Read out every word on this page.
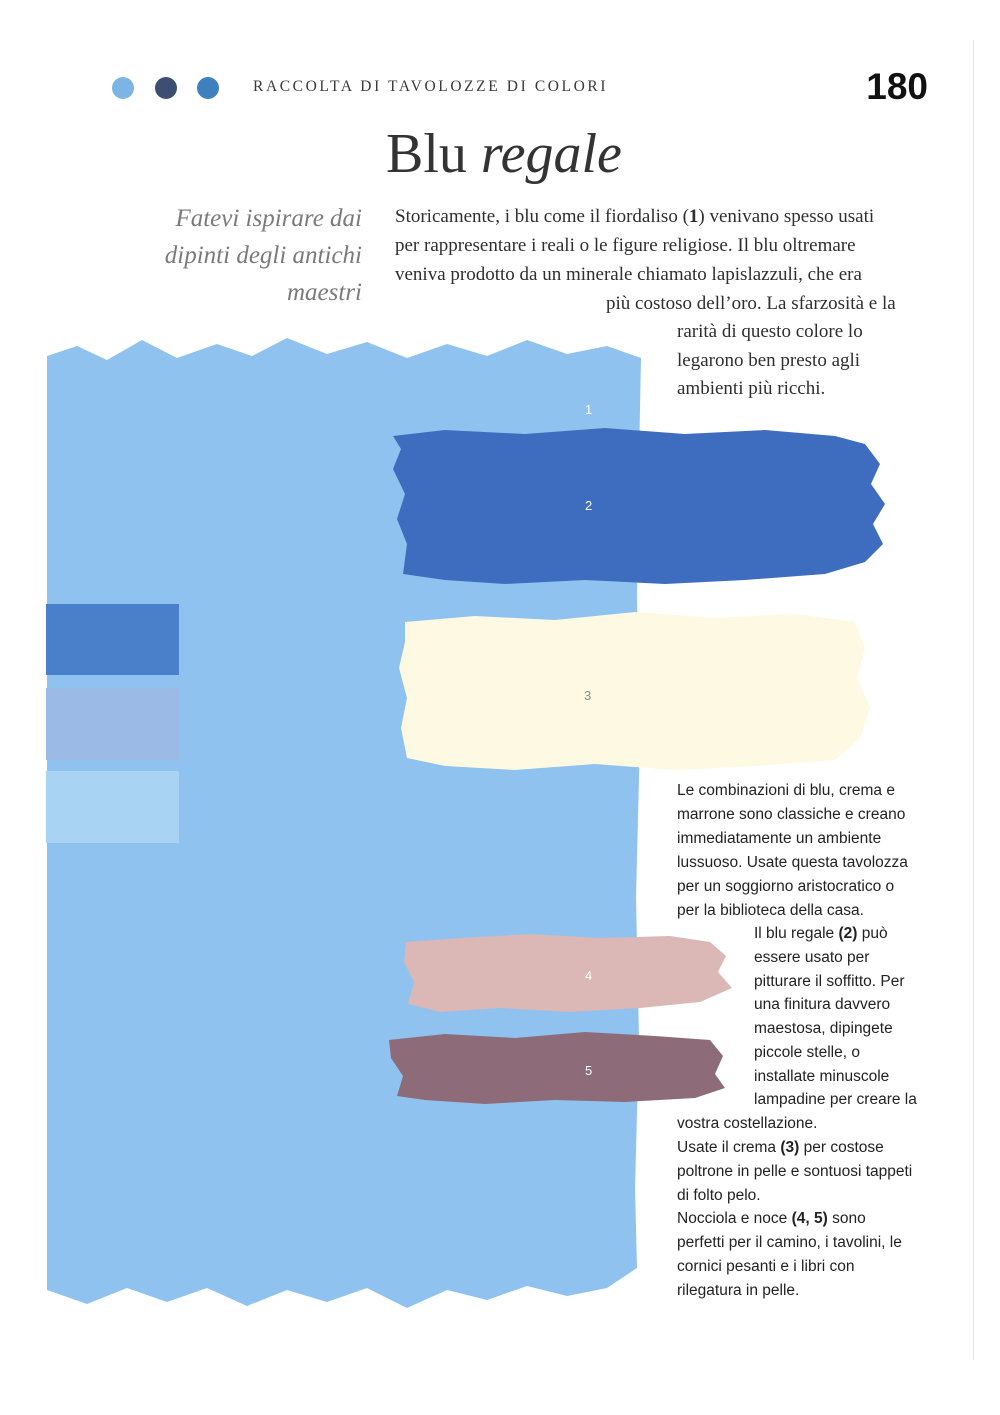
RACCOLTA DI TAVOLOZZE DI COLORI	180
Blu regale
Fatevi ispirare dai
dipinti degli antichi
maestri
Storicamente, i blu come il fiordaliso (1) venivano spesso usati
per rappresentare i reali o le figure religiose. Il blu oltremare
veniva prodotto da un minerale chiamato lapislazzuli, che era
più costoso dell’oro. La sfarzosità e la
rarità di questo colore lo
legarono ben presto agli
ambienti più ricchi.
1
2
3
4
5
Le combinazioni di blu, crema e
marrone sono classiche e creano
immediatamente un ambiente
lussuoso. Usate questa tavolozza
per un soggiorno aristocratico o
per la biblioteca della casa.
Il blu regale (2) può
essere usato per
pitturare il soffitto. Per
una finitura davvero
maestosa, dipingete
piccole stelle, o
installate minuscole
lampadine per creare la
vostra costellazione.
Usate il crema (3) per costose
poltrone in pelle e sontuosi tappeti
di folto pelo.
Nocciola e noce (4, 5) sono
perfetti per il camino, i tavolini, le
cornici pesanti e i libri con
rilegatura in pelle.
